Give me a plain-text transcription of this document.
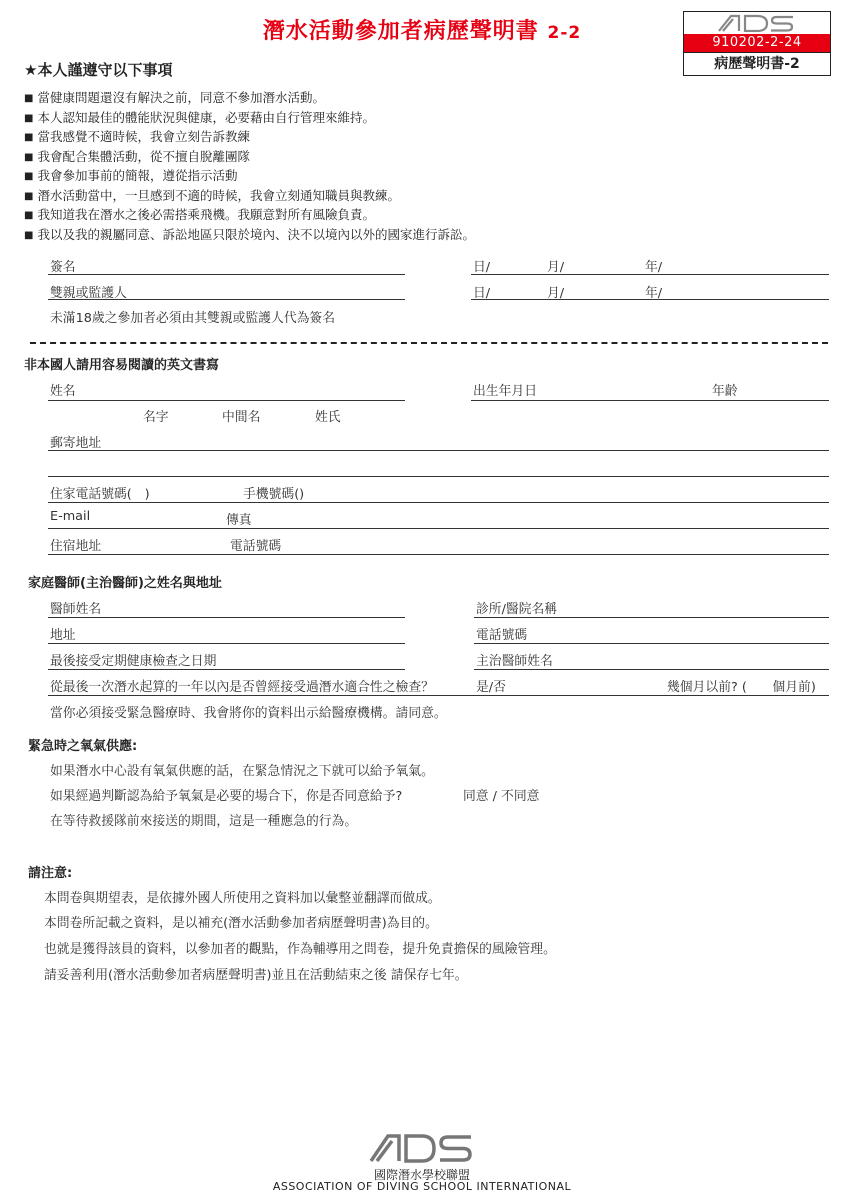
潛水活動參加者病歷聲明書 2-2	910202-2-24
病歷聲明書-2
★本人謹遵守以下事項
■ 當健康問題還沒有解決之前，同意不參加潛水活動。
■ 本人認知最佳的體能狀況與健康，必要藉由自行管理來維持。
■ 當我感覺不適時候，我會立刻告訴教練
■ 我會配合集體活動，從不擅自脫離團隊
■ 我會參加事前的簡報，遵從指示活動
■ 潛水活動當中，一旦感到不適的時候，我會立刻通知職員與教練。
■ 我知道我在潛水之後必需搭乘飛機。我願意對所有風險負責。
■ 我以及我的親屬同意、訴訟地區只限於境內、決不以境內以外的國家進行訴訟。
簽名	日/	月/	年/
雙親或監護人	日/	月/	年/
未滿18歲之參加者必須由其雙親或監護人代為簽名
非本國人請用容易閱讀的英文書寫
姓名	出生年月日	年齡
名字	中間名	姓氏
郵寄地址
住家電話號碼(　)	手機號碼()
E-mail	傳真
住宿地址	電話號碼
家庭醫師(主治醫師)之姓名與地址
醫師姓名	診所/醫院名稱
地址	電話號碼
最後接受定期健康檢查之日期	主治醫師姓名
從最後一次潛水起算的一年以內是否曾經接受過潛水適合性之檢查？	是/否	幾個月以前? (　　個月前)
當你必須接受緊急醫療時、我會將你的資料出示給醫療機構。請同意。
緊急時之氧氣供應:
如果潛水中心設有氧氣供應的話，在緊急情況之下就可以給予氧氣。
如果經過判斷認為給予氧氣是必要的場合下，你是否同意給予?	同意 / 不同意
在等待救援隊前來接送的期間，這是一種應急的行為。
請注意:
本問卷與期望表，是依據外國人所使用之資料加以彙整並翻譯而做成。
本問卷所記載之資料，是以補充(潛水活動參加者病歷聲明書)為目的。
也就是獲得該員的資料，以參加者的觀點，作為輔導用之問卷，提升免責擔保的風險管理。
請妥善利用(潛水活動參加者病歷聲明書)並且在活動結束之後 請保存七年。
國際潛水學校聯盟
ASSOCIATION OF DIVING SCHOOL INTERNATIONAL
